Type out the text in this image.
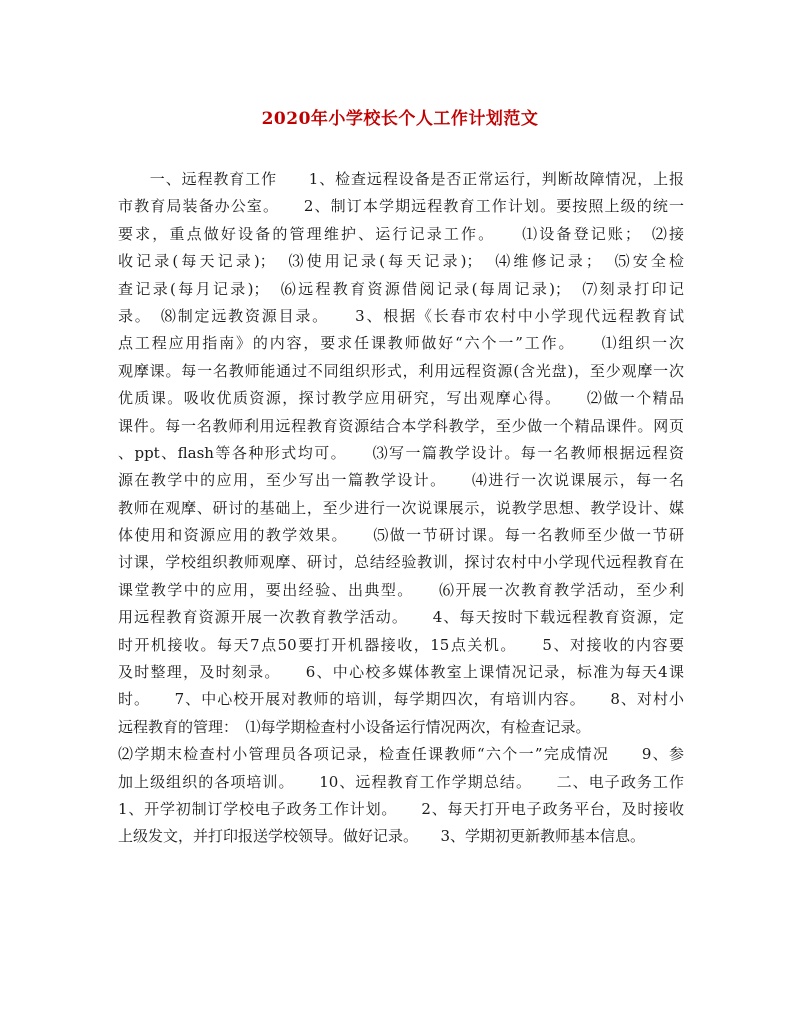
2020年小学校长个人工作计划范文
　　一、远程教育工作　　1、检查远程设备是否正常运行，判断故障情况，上报
市教育局装备办公室。　　2、制订本学期远程教育工作计划。要按照上级的统一
要求，重点做好设备的管理维护、运行记录工作。　　⑴设备登记账；　⑵接
收记录(每天记录)；　⑶使用记录(每天记录)；　⑷维修记录；　⑸安全检
查记录(每月记录)；　⑹远程教育资源借阅记录(每周记录)；　⑺刻录打印记
录。　⑻制定远教资源目录。　　3、根据《长春市农村中小学现代远程教育试
点工程应用指南》的内容，要求任课教师做好“六个一”工作。　　⑴组织一次
观摩课。每一名教师能通过不同组织形式，利用远程资源(含光盘)，至少观摩一次
优质课。吸收优质资源，探讨教学应用研究，写出观摩心得。　　⑵做一个精品
课件。每一名教师利用远程教育资源结合本学科教学，至少做一个精品课件。网页
、ppt、flash等各种形式均可。　　⑶写一篇教学设计。每一名教师根据远程资
源在教学中的应用，至少写出一篇教学设计。　　⑷进行一次说课展示，每一名
教师在观摩、研讨的基础上，至少进行一次说课展示，说教学思想、教学设计、媒
体使用和资源应用的教学效果。　　⑸做一节研讨课。每一名教师至少做一节研
讨课，学校组织教师观摩、研讨，总结经验教训，探讨农村中小学现代远程教育在
课堂教学中的应用，要出经验、出典型。　　⑹开展一次教育教学活动，至少利
用远程教育资源开展一次教育教学活动。　　4、每天按时下载远程教育资源，定
时开机接收。每天7点50要打开机器接收，15点关机。　　5、对接收的内容要
及时整理，及时刻录。　　6、中心校多媒体教室上课情况记录，标准为每天4课
时。　　7、中心校开展对教师的培训，每学期四次，有培训内容。　　8、对村小
远程教育的管理：　⑴每学期检查村小设备运行情况两次，有检查记录。
⑵学期末检查村小管理员各项记录，检查任课教师“六个一”完成情况　　9、参
加上级组织的各项培训。　　10、远程教育工作学期总结。　　二、电子政务工作
1、开学初制订学校电子政务工作计划。　　2、每天打开电子政务平台，及时接收
上级发文，并打印报送学校领导。做好记录。　　3、学期初更新教师基本信息。
